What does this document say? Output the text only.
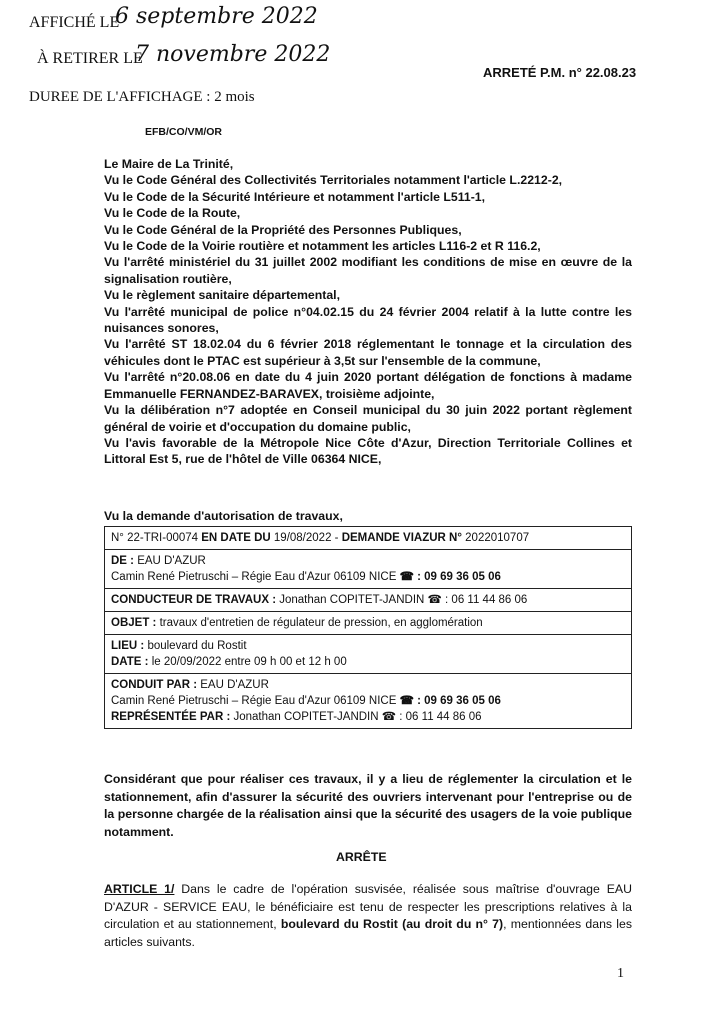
AFFICHÉ LE
6 septembre 2022
À RETIRER LE
7 novembre 2022
DUREE DE L'AFFICHAGE : 2 mois
ARRETÉ P.M. n° 22.08.23
EFB/CO/VM/OR

Le Maire de La Trinité,

Vu le Code Général des Collectivités Territoriales notamment l'article L.2212-2,

Vu le Code de la Sécurité Intérieure et notamment l'article L511-1,

Vu le Code de la Route,

Vu le Code Général de la Propriété des Personnes Publiques,

Vu le Code de la Voirie routière et notamment les articles L116-2 et R 116.2,

Vu l'arrêté ministériel du 31 juillet 2002 modifiant les conditions de mise en œuvre de la signalisation routière,

Vu le règlement sanitaire départemental,

Vu l'arrêté municipal de police n°04.02.15 du 24 février 2004 relatif à la lutte contre les nuisances sonores,

Vu l'arrêté ST 18.02.04 du 6 février 2018 réglementant le tonnage et la circulation des véhicules dont le PTAC est supérieur à 3,5t sur l'ensemble de la commune,

Vu l'arrêté n°20.08.06 en date du 4 juin 2020 portant délégation de fonctions à madame Emmanuelle FERNANDEZ-BARAVEX, troisième adjointe,

Vu la délibération n°7 adoptée en Conseil municipal du 30 juin 2022 portant règlement général de voirie et d'occupation du domaine public,

Vu l'avis favorable de la Métropole Nice Côte d'Azur, Direction Territoriale Collines et Littoral Est 5, rue de l'hôtel de Ville 06364 NICE,

Vu la demande d'autorisation de travaux,
N° 22-TRI-00074 EN DATE DU 19/08/2022 - DEMANDE VIAZUR N° 2022010707
DE : EAU D'AZUR
Camin René Pietruschi – Régie Eau d'Azur 06109 NICE ☎ : 09 69 36 05 06
CONDUCTEUR DE TRAVAUX : Jonathan COPITET-JANDIN ☎ : 06 11 44 86 06
OBJET : travaux d'entretien de régulateur de pression, en agglomération
LIEU : boulevard du Rostit
DATE : le 20/09/2022 entre 09 h 00 et 12 h 00
CONDUIT PAR : EAU D'AZUR
Camin René Pietruschi – Régie Eau d'Azur 06109 NICE ☎ : 09 69 36 05 06
REPRÉSENTÉE PAR : Jonathan COPITET-JANDIN ☎ : 06 11 44 86 06

Considérant que pour réaliser ces travaux, il y a lieu de réglementer la circulation et le stationnement, afin d'assurer la sécurité des ouvriers intervenant pour l'entreprise ou de la personne chargée de la réalisation ainsi que la sécurité des usagers de la voie publique notamment.

ARRÊTE

ARTICLE 1/ Dans le cadre de l'opération susvisée, réalisée sous maîtrise d'ouvrage EAU D'AZUR - SERVICE EAU, le bénéficiaire est tenu de respecter les prescriptions relatives à la circulation et au stationnement, boulevard du Rostit (au droit du n° 7), mentionnées dans les articles suivants.

1
